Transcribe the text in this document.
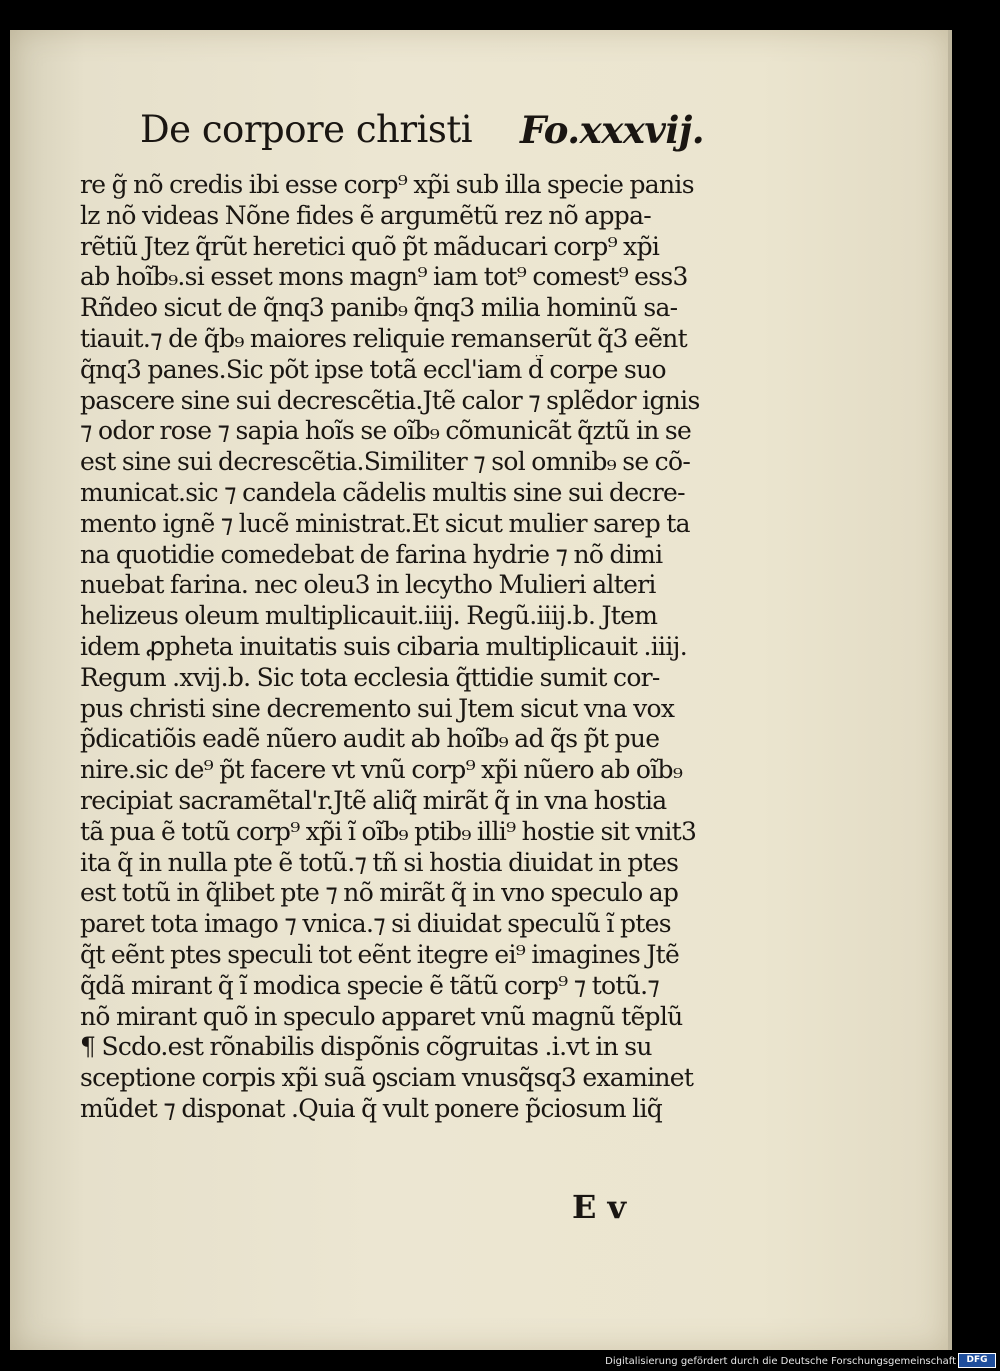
De corpore christi Fo.xxxvij.
re g̃ nõ credis ibi esse corp⁹ xp̃i sub illa specie panis
lz nõ videas Nõne fides ẽ argumẽtũ rez nõ appa-
rẽtiũ Jtez q̃rũt heretici quõ p̃t mãducari corp⁹ xp̃i
ab hoĩb₉.si esset mons magn⁹ iam tot⁹ comest⁹ ess3
Rñdeo sicut de q̃nq3 panib₉ q̃nq3 milia hominũ sa-
tiauit.⁊ de q̃b₉ maiores reliquie remanserũt q̃3 eẽnt
q̃nq3 panes.Sic põt ipse totã eccl'iam d̃ corpe suo
pascere sine sui decrescẽtia.Jtẽ calor ⁊ splẽdor ignis
⁊ odor rose ⁊ sapia hoĩs se oĩb₉ cõmunicãt q̃ztũ in se
est sine sui decrescẽtia.Similiter ⁊ sol omnib₉ se cõ-
municat.sic ⁊ candela cãdelis multis sine sui decre-
mento ignẽ ⁊ lucẽ ministrat.Et sicut mulier sarep ta
na quotidie comedebat de farina hydrie ⁊ nõ dimi
nuebat farina. nec oleu3 in lecytho Mulieri alteri
helizeus oleum multiplicauit.iiij. Regũ.iiij.b. Jtem
idem ꝓpheta inuitatis suis cibaria multiplicauit .iiij.
Regum .xvij.b. Sic tota ecclesia q̃ttidie sumit cor-
pus christi sine decremento sui Jtem sicut vna vox
p̃dicatiõis eadẽ nũero audit ab hoĩb₉ ad q̃s p̃t pue
nire.sic de⁹ p̃t facere vt vnũ corp⁹ xp̃i nũero ab oĩb₉
recipiat sacramẽtal'r.Jtẽ aliq̃ mirãt q̃ in vna hostia
tã pua ẽ totũ corp⁹ xp̃i ĩ oĩb₉ ptib₉ illi⁹ hostie sit vnit3
ita q̃ in nulla pte ẽ totũ.⁊ tñ si hostia diuidat in ptes
est totũ in q̃libet pte ⁊ nõ mirãt q̃ in vno speculo ap
paret tota imago ⁊ vnica.⁊ si diuidat speculũ ĩ ptes
q̃t eẽnt ptes speculi tot eẽnt itegre ei⁹ imagines Jtẽ
q̃dã mirant q̃ ĩ modica specie ẽ tãtũ corp⁹ ⁊ totũ.⁊
nõ mirant quõ in speculo apparet vnũ magnũ tẽplũ
¶ Scdo.est rõnabilis dispõnis cõgruitas .i.vt in su
sceptione corpis xp̃i suã ꝯsciam vnusq̃sq3 examinet
mũdet ⁊ disponat .Quia q̃ vult ponere p̃ciosum liq̃
E v
Digitalisierung gefördert durch die Deutsche Forschungsgemeinschaft	DFG
